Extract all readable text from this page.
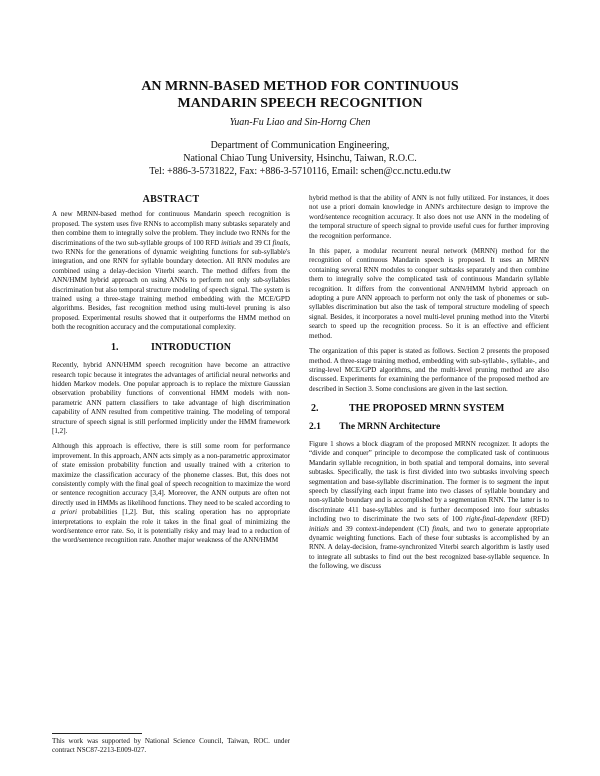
AN MRNN-BASED METHOD FOR CONTINUOUS
MANDARIN SPEECH RECOGNITION
Yuan-Fu Liao and Sin-Horng Chen
Department of Communication Engineering,
National Chiao Tung University, Hsinchu, Taiwan, R.O.C.
Tel: +886-3-5731822, Fax: +886-3-5710116, Email: schen@cc.nctu.edu.tw
ABSTRACT

A new MRNN-based method for continuous Mandarin speech recognition is proposed. The system uses five RNNs to accomplish many subtasks separately and then combine them to integrally solve the problem. They include two RNNs for the discriminations of the two sub-syllable groups of 100 RFD initials and 39 CI finals, two RNNs for the generations of dynamic weighting functions for sub-syllable's integration, and one RNN for syllable boundary detection. All RNN modules are combined using a delay-decision Viterbi search. The method differs from the ANN/HMM hybrid approach on using ANNs to perform not only sub-syllables discrimination but also temporal structure modeling of speech signal. The system is trained using a three-stage training method embedding with the MCE/GPD algorithms. Besides, fast recognition method using multi-level pruning is also proposed. Experimental results showed that it outperforms the HMM method on both the recognition accuracy and the computational complexity.

1.	INTRODUCTION

Recently, hybrid ANN/HMM speech recognition have become an attractive research topic because it integrates the advantages of artificial neural networks and hidden Markov models. One popular approach is to replace the mixture Gaussian observation probability functions of conventional HMM models with non-parametric ANN pattern classifiers to take advantage of high discrimination capability of ANN resulted from competitive training. The modeling of temporal structure of speech signal is still performed implicitly under the HMM framework [1,2].

Although this approach is effective, there is still some room for performance improvement. In this approach, ANN acts simply as a non-parametric approximator of state emission probability function and usually trained with a criterion to maximize the classification accuracy of the phoneme classes. But, this does not consistently comply with the final goal of speech recognition to maximize the word or sentence recognition accuracy [3,4]. Moreover, the ANN outputs are often not directly used in HMMs as likelihood functions. They need to be scaled according to a priori probabilities [1,2]. But, this scaling operation has no appropriate interpretations to explain the role it takes in the final goal of minimizing the word/sentence error rate. So, it is potentially risky and may lead to a reduction of the word/sentence recognition rate. Another major weakness of the ANN/HMM

This work was supported by National Science Council, Taiwan, ROC. under contract NSC87-2213-E009-027.

hybrid method is that the ability of ANN is not fully utilized. For instances, it does not use a priori domain knowledge in ANN's architecture design to improve the word/sentence recognition accuracy. It also does not use ANN in the modeling of the temporal structure of speech signal to provide useful cues for further improving the recognition performance.

In this paper, a modular recurrent neural network (MRNN) method for the recognition of continuous Mandarin speech is proposed. It uses an MRNN containing several RNN modules to conquer subtasks separately and then combine them to integrally solve the complicated task of continuous Mandarin syllable recognition. It differs from the conventional ANN/HMM hybrid approach on adopting a pure ANN approach to perform not only the task of phonemes or sub-syllables discrimination but also the task of temporal structure modeling of speech signal. Besides, it incorporates a novel multi-level pruning method into the Viterbi search to speed up the recognition process. So it is an effective and efficient method.

The organization of this paper is stated as follows. Section 2 presents the proposed method. A three-stage training method, embedding with sub-syllable-, syllable-, and string-level MCE/GPD algorithms, and the multi-level pruning method are also discussed. Experiments for examining the performance of the proposed method are described in Section 3. Some conclusions are given in the last section.

2.	THE PROPOSED MRNN SYSTEM
2.1 The MRNN Architecture

Figure 1 shows a block diagram of the proposed MRNN recognizer. It adopts the “divide and conquer” principle to decompose the complicated task of continuous Mandarin syllable recognition, in both spatial and temporal domains, into several subtasks. Specifically, the task is first divided into two subtasks involving speech segmentation and base-syllable discrimination. The former is to segment the input speech by classifying each input frame into two classes of syllable boundary and non-syllable boundary and is accomplished by a segmentation RNN. The latter is to discriminate 411 base-syllables and is further decomposed into four subtasks including two to discriminate the two sets of 100 right-final-dependent (RFD) initials and 39 context-independent (CI) finals, and two to generate appropriate dynamic weighting functions. Each of these four subtasks is accomplished by an RNN. A delay-decision, frame-synchronized Viterbi search algorithm is lastly used to integrate all subtasks to find out the best recognized base-syllable sequence. In the following, we discuss
